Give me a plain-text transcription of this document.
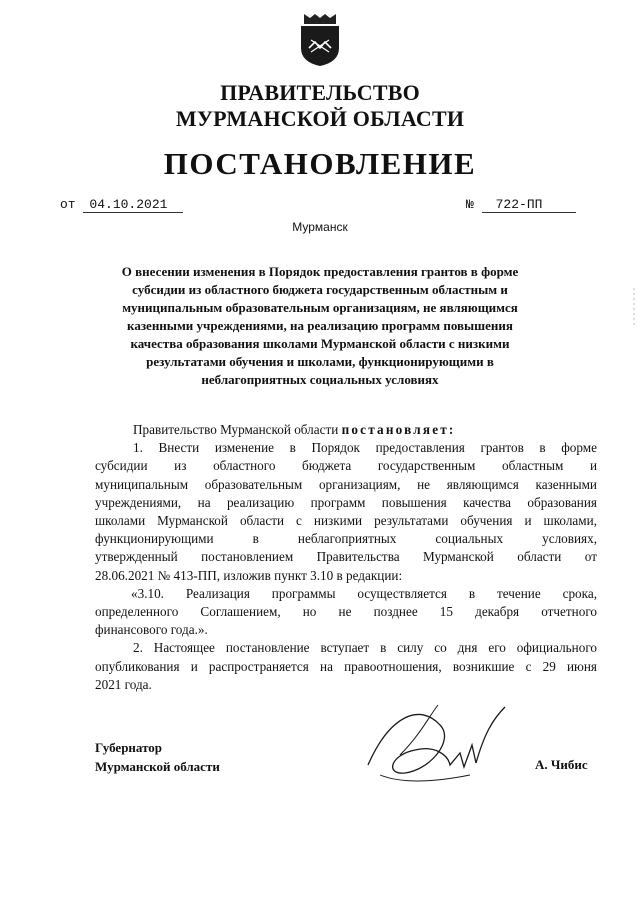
ПРАВИТЕЛЬСТВО
МУРМАНСКОЙ ОБЛАСТИ
ПОСТАНОВЛЕНИЕ
от 04.10.2021	№ 722-ПП
Мурманск
О внесении изменения в Порядок предоставления грантов в форме
субсидии из областного бюджета государственным областным и
муниципальным образовательным организациям, не являющимся
казенными учреждениями, на реализацию программ повышения
качества образования школами Мурманской области с низкими
результатами обучения и школами, функционирующими в
неблагоприятных социальных условиях
Правительство Мурманской области постановляет:
1. Внести изменение в Порядок предоставления грантов в форме
субсидии из областного бюджета государственным областным и
муниципальным образовательным организациям, не являющимся казенными
учреждениями, на реализацию программ повышения качества образования
школами Мурманской области с низкими результатами обучения и школами,
функционирующими в неблагоприятных социальных условиях,
утвержденный постановлением Правительства Мурманской области от
28.06.2021 № 413-ПП, изложив пункт 3.10 в редакции:
«3.10. Реализация программы осуществляется в течение срока,
определенного Соглашением, но не позднее 15 декабря отчетного
финансового года.».
2. Настоящее постановление вступает в силу со дня его официального
опубликования и распространяется на правоотношения, возникшие с 29 июня
2021 года.
Губернатор
Мурманской области	А. Чибис
